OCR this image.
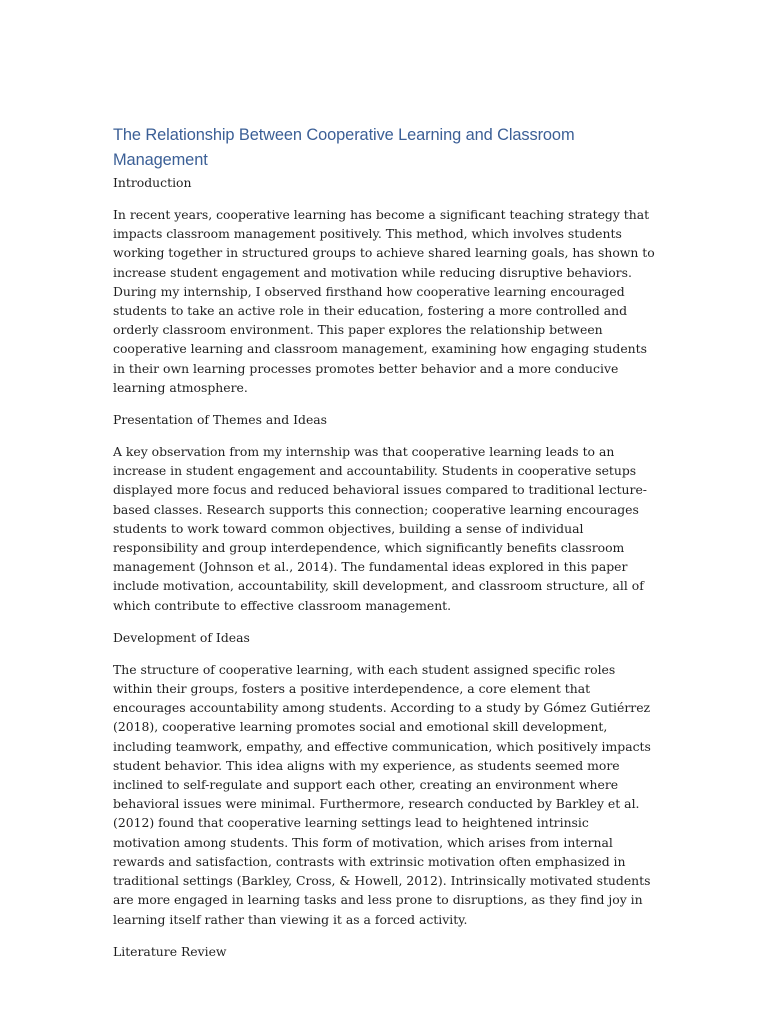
The Relationship Between Cooperative Learning and Classroom Management

Introduction

In recent years, cooperative learning has become a significant teaching strategy that impacts classroom management positively. This method, which involves students working together in structured groups to achieve shared learning goals, has shown to increase student engagement and motivation while reducing disruptive behaviors. During my internship, I observed firsthand how cooperative learning encouraged students to take an active role in their education, fostering a more controlled and orderly classroom environment. This paper explores the relationship between cooperative learning and classroom management, examining how engaging students in their own learning processes promotes better behavior and a more conducive learning atmosphere.

Presentation of Themes and Ideas

A key observation from my internship was that cooperative learning leads to an increase in student engagement and accountability. Students in cooperative setups displayed more focus and reduced behavioral issues compared to traditional lecture-based classes. Research supports this connection; cooperative learning encourages students to work toward common objectives, building a sense of individual responsibility and group interdependence, which significantly benefits classroom management (Johnson et al., 2014). The fundamental ideas explored in this paper include motivation, accountability, skill development, and classroom structure, all of which contribute to effective classroom management.

Development of Ideas

The structure of cooperative learning, with each student assigned specific roles within their groups, fosters a positive interdependence, a core element that encourages accountability among students. According to a study by Gómez Gutiérrez (2018), cooperative learning promotes social and emotional skill development, including teamwork, empathy, and effective communication, which positively impacts student behavior. This idea aligns with my experience, as students seemed more inclined to self-regulate and support each other, creating an environment where behavioral issues were minimal. Furthermore, research conducted by Barkley et al. (2012) found that cooperative learning settings lead to heightened intrinsic motivation among students. This form of motivation, which arises from internal rewards and satisfaction, contrasts with extrinsic motivation often emphasized in traditional settings (Barkley, Cross, & Howell, 2012). Intrinsically motivated students are more engaged in learning tasks and less prone to disruptions, as they find joy in learning itself rather than viewing it as a forced activity.

Literature Review
